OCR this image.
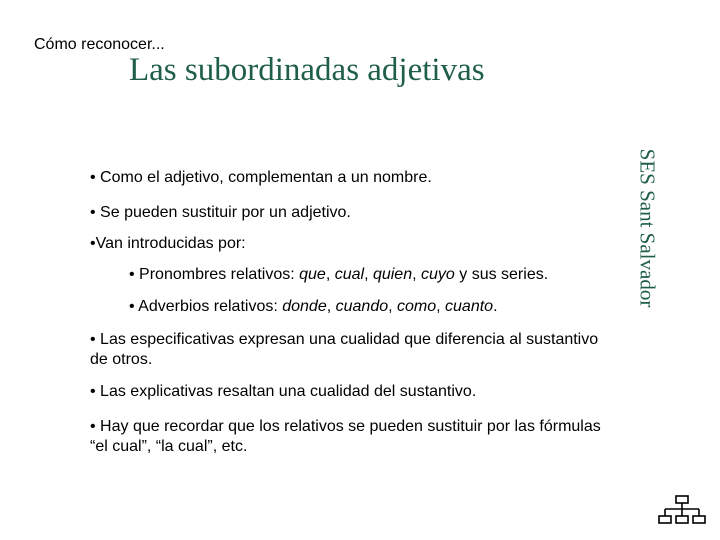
Cómo reconocer...
Las subordinadas adjetivas
SES Sant Salvador
• Como el adjetivo, complementan a un nombre.
• Se pueden sustituir por un adjetivo.
•Van introducidas por:
• Pronombres relativos: que, cual, quien, cuyo y sus series.
• Adverbios relativos: donde, cuando, como, cuanto.
• Las especificativas expresan una cualidad que diferencia al sustantivo de otros.
• Las explicativas resaltan una cualidad del sustantivo.
• Hay que recordar que los relativos se pueden sustituir por las fórmulas “el cual”, “la cual”, etc.
